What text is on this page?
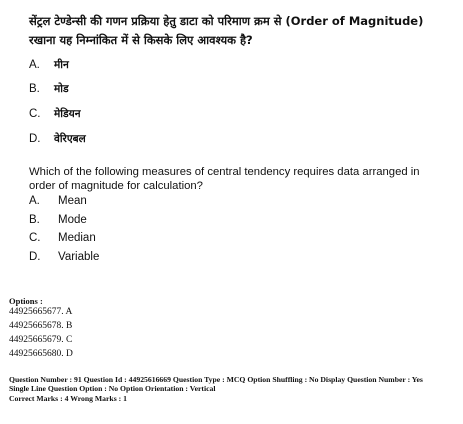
सेंट्रल टेण्डेन्सी की गणन प्रक्रिया हेतु डाटा को परिमाण क्रम से (Order of Magnitude) रखाना यह निम्नांकित में से किसके लिए आवश्यक है?
A. मीन
B. मोड
C. मेडियन
D. वेरिएबल
Which of the following measures of central tendency requires data arranged in order of magnitude for calculation?
A. Mean
B. Mode
C. Median
D. Variable
Options :
44925665677. A
44925665678. B
44925665679. C
44925665680. D
Question Number : 91 Question Id : 44925616669 Question Type : MCQ Option Shuffling : No Display Question Number : Yes
Single Line Question Option : No Option Orientation : Vertical
Correct Marks : 4 Wrong Marks : 1
